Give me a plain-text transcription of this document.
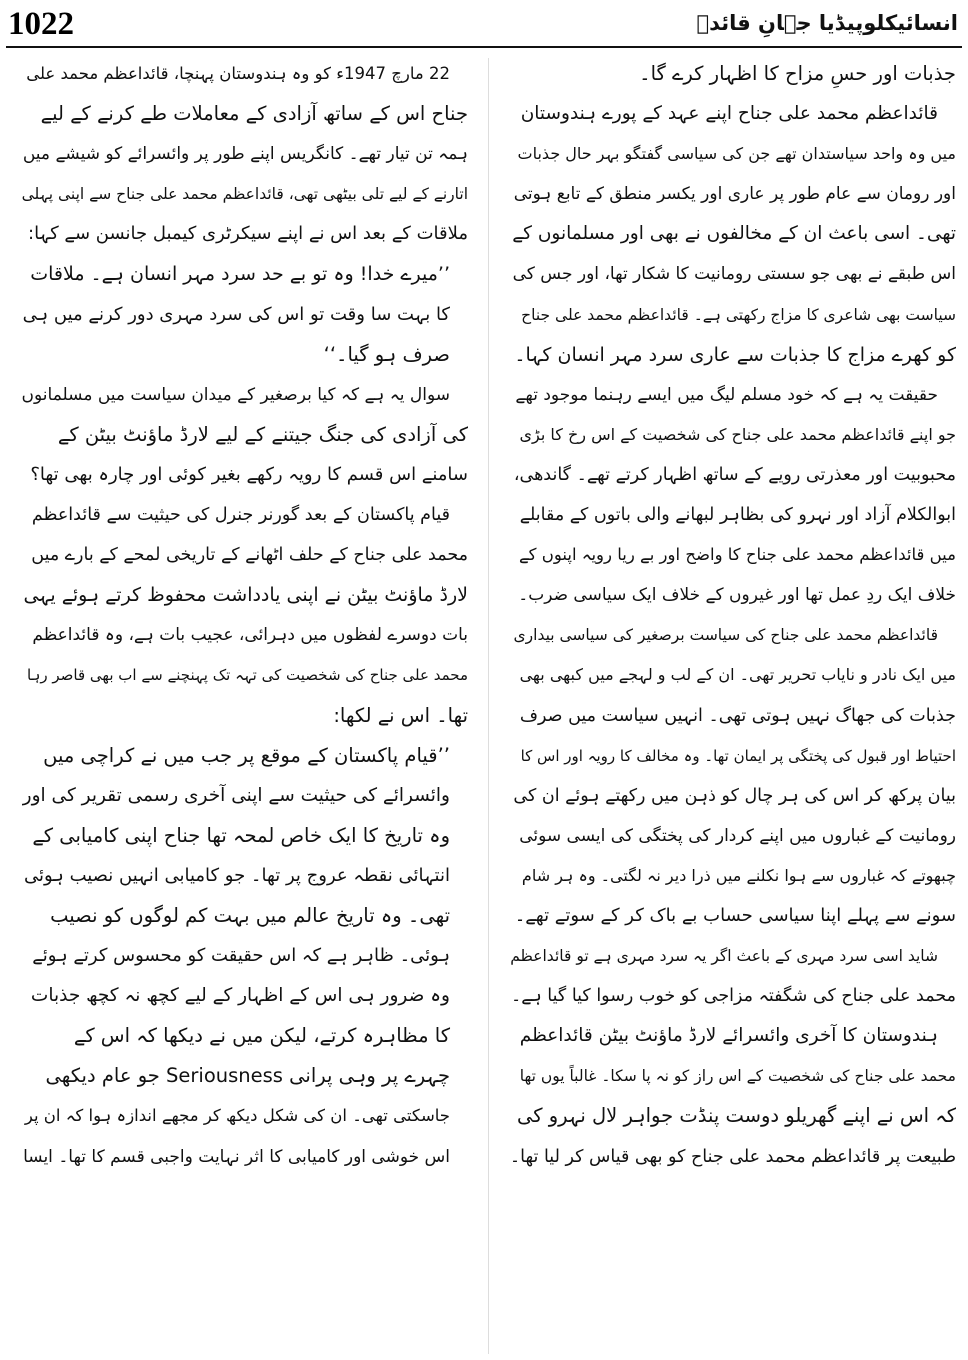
1022	انسائیکلوپیڈیا جہانِ قائدؒ
جذبات اور حسِ مزاح کا اظہار کرے گا۔
قائداعظم محمد علی جناح اپنے عہد کے پورے ہندوستان
میں وہ واحد سیاستدان تھے جن کی سیاسی گفتگو بہر حال جذبات
اور رومان سے عام طور پر عاری اور یکسر منطق کے تابع ہوتی
تھی۔ اسی باعث ان کے مخالفوں نے بھی اور مسلمانوں کے
اس طبقے نے بھی جو سستی رومانیت کا شکار تھا، اور جس کی
سیاست بھی شاعری کا مزاج رکھتی ہے۔ قائداعظم محمد علی جناح
کو کھرے مزاج کا جذبات سے عاری سرد مہر انسان کہا۔
حقیقت یہ ہے کہ خود مسلم لیگ میں ایسے رہنما موجود تھے
جو اپنے قائداعظم محمد علی جناح کی شخصیت کے اس رخ کا بڑی
محبوبیت اور معذرتی رویے کے ساتھ اظہار کرتے تھے۔ گاندھی،
ابوالکلام آزاد اور نہرو کی بظاہر لبھانے والی باتوں کے مقابلے
میں قائداعظم محمد علی جناح کا واضح اور بے ریا رویہ اپنوں کے
خلاف ایک ردِ عمل تھا اور غیروں کے خلاف ایک سیاسی ضرب۔
قائداعظم محمد علی جناح کی سیاست برصغیر کی سیاسی بیداری
میں ایک نادر و نایاب تحریر تھی۔ ان کے لب و لہجے میں کبھی بھی
جذبات کی جھاگ نہیں ہوتی تھی۔ انہیں سیاست میں صرف
احتیاط اور قبول کی پختگی پر ایمان تھا۔ وہ مخالف کا رویہ اور اس کا
بیان پرکھ کر اس کی ہر چال کو ذہن میں رکھتے ہوئے ان کی
رومانیت کے غباروں میں اپنے کردار کی پختگی کی ایسی سوئی
چبھوتے کہ غباروں سے ہوا نکلنے میں ذرا دیر نہ لگتی۔ وہ ہر شام
سونے سے پہلے اپنا سیاسی حساب بے باک کر کے سوتے تھے۔
شاید اسی سرد مہری کے باعث اگر یہ سرد مہری ہے تو قائداعظم
محمد علی جناح کی شگفتہ مزاجی کو خوب رسوا کیا گیا ہے۔
ہندوستان کا آخری وائسرائے لارڈ ماؤنٹ بیٹن قائداعظم
محمد علی جناح کی شخصیت کے اس راز کو نہ پا سکا۔ غالباً یوں تھا
کہ اس نے اپنے گھریلو دوست پنڈت جواہر لال نہرو کی
طبیعت پر قائداعظم محمد علی جناح کو بھی قیاس کر لیا تھا۔
22 مارچ 1947ء کو وہ ہندوستان پہنچا، قائداعظم محمد علی
جناح اس کے ساتھ آزادی کے معاملات طے کرنے کے لیے
ہمہ تن تیار تھے۔ کانگریس اپنے طور پر وائسرائے کو شیشے میں
اتارنے کے لیے تلی بیٹھی تھی، قائداعظم محمد علی جناح سے اپنی پہلی
ملاقات کے بعد اس نے اپنے سیکرٹری کیمبل جانسن سے کہا:
’’میرے خدا! وہ تو بے حد سرد مہر انسان ہے۔ ملاقات
کا بہت سا وقت تو اس کی سرد مہری دور کرنے میں ہی
صرف ہو گیا۔‘‘
سوال یہ ہے کہ کیا برصغیر کے میدان سیاست میں مسلمانوں
کی آزادی کی جنگ جیتنے کے لیے لارڈ ماؤنٹ بیٹن کے
سامنے اس قسم کا رویہ رکھے بغیر کوئی اور چارہ بھی تھا؟
قیام پاکستان کے بعد گورنر جنرل کی حیثیت سے قائداعظم
محمد علی جناح کے حلف اٹھانے کے تاریخی لمحے کے بارے میں
لارڈ ماؤنٹ بیٹن نے اپنی یادداشت محفوظ کرتے ہوئے یہی
بات دوسرے لفظوں میں دہرائی، عجیب بات ہے، وہ قائداعظم
محمد علی جناح کی شخصیت کی تہہ تک پہنچنے سے اب بھی قاصر رہا
تھا۔ اس نے لکھا:
’’قیام پاکستان کے موقع پر جب میں نے کراچی میں
وائسرائے کی حیثیت سے اپنی آخری رسمی تقریر کی اور
وہ تاریخ کا ایک خاص لمحہ تھا جناح اپنی کامیابی کے
انتہائی نقطہ عروج پر تھا۔ جو کامیابی انہیں نصیب ہوئی
تھی۔ وہ تاریخ عالم میں بہت کم لوگوں کو نصیب
ہوئی۔ ظاہر ہے کہ اس حقیقت کو محسوس کرتے ہوئے
وہ ضرور ہی اس کے اظہار کے لیے کچھ نہ کچھ جذبات
کا مظاہرہ کرتے، لیکن میں نے دیکھا کہ اس کے
چہرے پر وہی پرانی Seriousness جو عام دیکھی
جاسکتی تھی۔ ان کی شکل دیکھ کر مجھے اندازہ ہوا کہ ان پر
اس خوشی اور کامیابی کا اثر نہایت واجبی قسم کا تھا۔ ایسا
